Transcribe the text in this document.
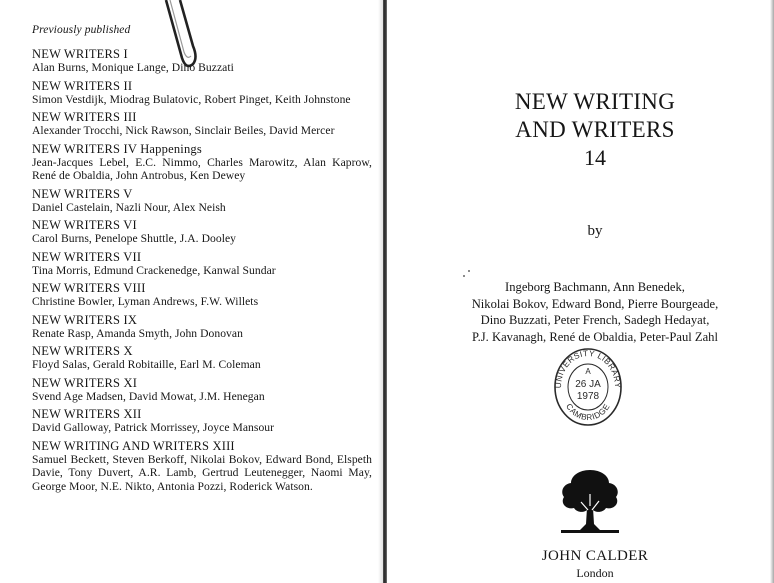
Previously published
NEW WRITERS I
Alan Burns, Monique Lange, Dino Buzzati
NEW WRITERS II
Simon Vestdijk, Miodrag Bulatovic, Robert Pinget, Keith Johnstone
NEW WRITERS III
Alexander Trocchi, Nick Rawson, Sinclair Beiles, David Mercer
NEW WRITERS IV Happenings
Jean-Jacques Lebel, E.C. Nimmo, Charles Marowitz, Alan Kaprow, René de Obaldia, John Antrobus, Ken Dewey
NEW WRITERS V
Daniel Castelain, Nazli Nour, Alex Neish
NEW WRITERS VI
Carol Burns, Penelope Shuttle, J.A. Dooley
NEW WRITERS VII
Tina Morris, Edmund Crackenedge, Kanwal Sundar
NEW WRITERS VIII
Christine Bowler, Lyman Andrews, F.W. Willets
NEW WRITERS IX
Renate Rasp, Amanda Smyth, John Donovan
NEW WRITERS X
Floyd Salas, Gerald Robitaille, Earl M. Coleman
NEW WRITERS XI
Svend Age Madsen, David Mowat, J.M. Henegan
NEW WRITERS XII
David Galloway, Patrick Morrissey, Joyce Mansour
NEW WRITING AND WRITERS XIII
Samuel Beckett, Steven Berkoff, Nikolai Bokov, Edward Bond, Elspeth Davie, Tony Duvert, A.R. Lamb, Gertrud Leutenegger, Naomi May, George Moor, N.E. Nikto, Antonia Pozzi, Roderick Watson.
NEW WRITING
AND WRITERS
14
by
Ingeborg Bachmann, Ann Benedek,
Nikolai Bokov, Edward Bond, Pierre Bourgeade,
Dino Buzzati, Peter French, Sadegh Hedayat,
P.J. Kavanagh, René de Obaldia, Peter-Paul Zahl
UNIVERSITY LIBRARY
CAMBRIDGE
A
26 JA
1978
JOHN CALDER
London
